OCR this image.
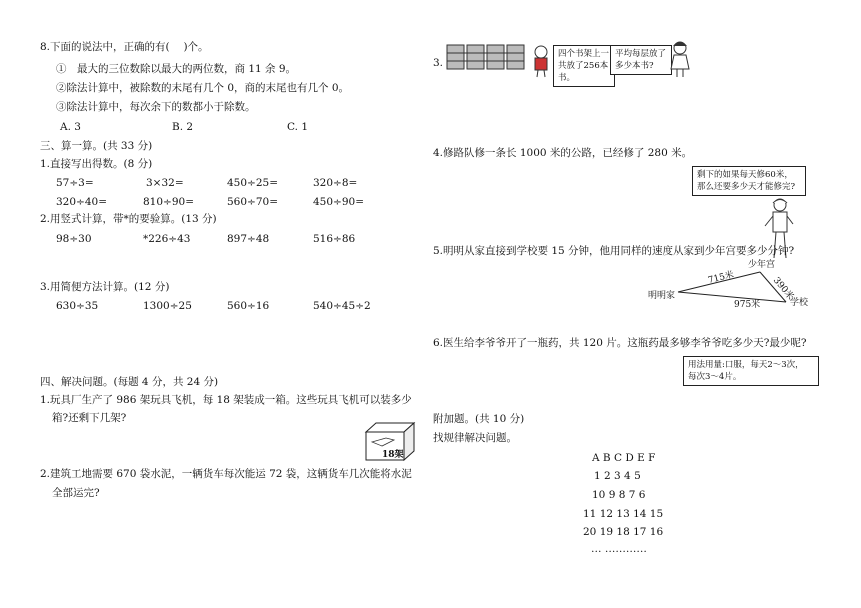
8.下面的说法中，正确的有(　 )个。
①　最大的三位数除以最大的两位数，商 11 余 9。
②除法计算中，被除数的末尾有几个 0，商的末尾也有几个 0。
③除法计算中，每次余下的数都小于除数。
A. 3	B. 2	C. 1
三、算一算。(共 33 分)
1.直接写出得数。(8 分)
57÷3=	3×32=	450÷25=	320÷8=
320÷40=	810÷90=	560÷70=	450÷90=
2.用竖式计算，带*的要验算。(13 分)
98÷30	*226÷43	897÷48	516÷86
3.用简便方法计算。(12 分)
630÷35	1300÷25	560÷16	540÷45÷2
四、解决问题。(每题 4 分，共 24 分)
1.玩具厂生产了 986 架玩具飞机，每 18 架装成一箱。这些玩具飞机可以装多少
箱?还剩下几架?
18架
2.建筑工地需要 670 袋水泥，一辆货车每次能运 72 袋，这辆货车几次能将水泥
全部运完?
3.
四个书架上一共放了256本书。
平均每层放了多少本书?
4.修路队修一条长 1000 米的公路，已经修了 280 米。
剩下的如果每天修60米，那么还要多少天才能修完?
5.明明从家直接到学校要 15 分钟，他用同样的速度从家到少年宫要多少分钟?
少年宫
明明家
学校
715米	390米
975米
6.医生给李爷爷开了一瓶药，共 120 片。这瓶药最多够李爷爷吃多少天?最少呢?
用法用量:口服，每天2～3次，
每次3～4片。
附加题。(共 10 分)
找规律解决问题。
A B C D E F
1 2 3 4 5
10 9 8 7 6
11 12 13 14 15
20 19 18 17 16
… …………
